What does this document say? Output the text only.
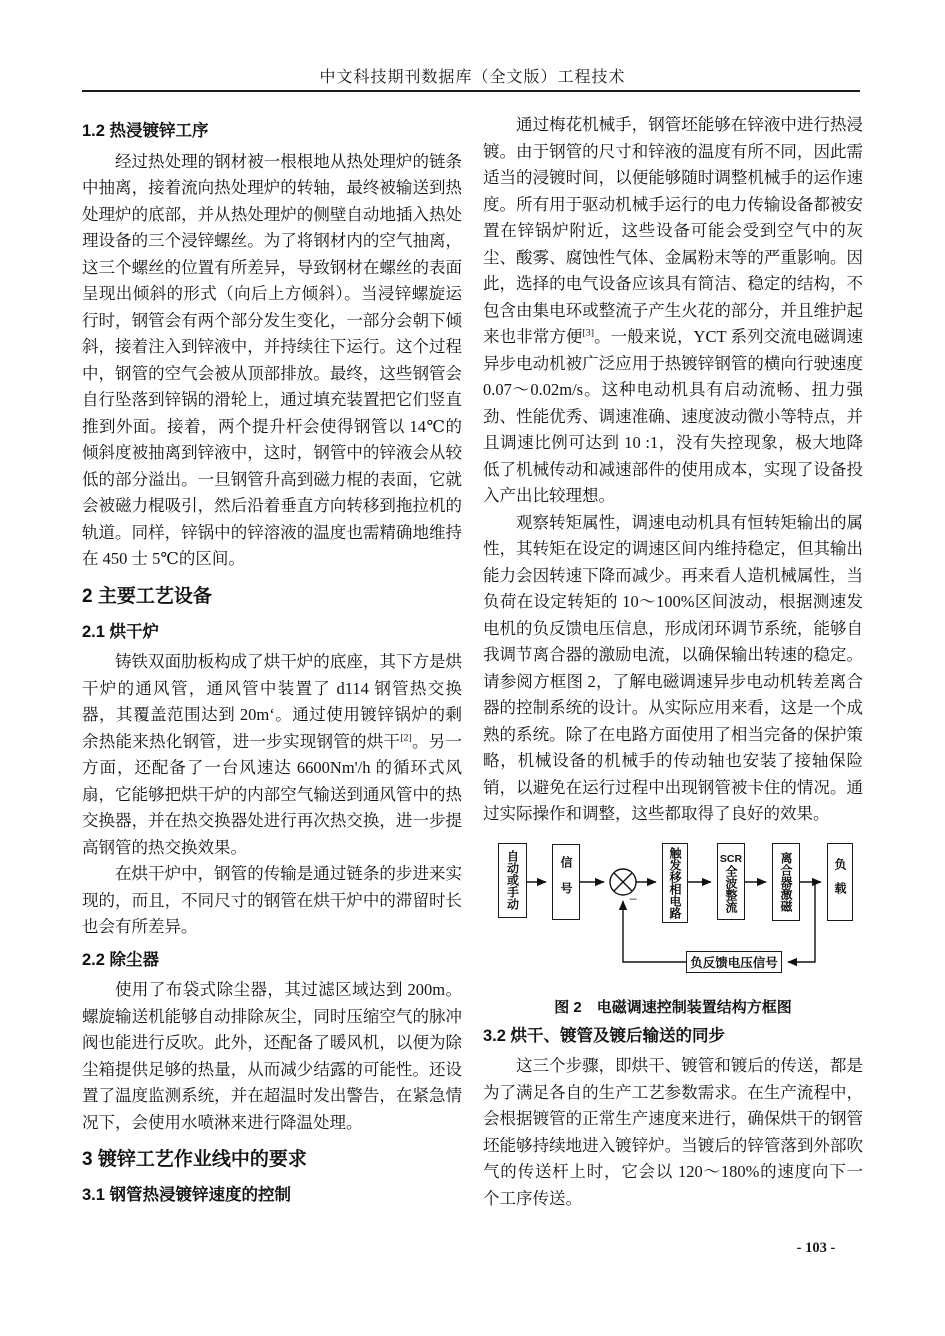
中文科技期刊数据库（全文版）工程技术
1.2 热浸镀锌工序

经过热处理的钢材被一根根地从热处理炉的链条中抽离，接着流向热处理炉的转轴，最终被输送到热处理炉的底部，并从热处理炉的侧壁自动地插入热处理设备的三个浸锌螺丝。为了将钢材内的空气抽离，这三个螺丝的位置有所差异，导致钢材在螺丝的表面呈现出倾斜的形式（向后上方倾斜）。当浸锌螺旋运行时，钢管会有两个部分发生变化，一部分会朝下倾斜，接着注入到锌液中，并持续往下运行。这个过程中，钢管的空气会被从顶部排放。最终，这些钢管会自行坠落到锌锅的滑轮上，通过填充装置把它们竖直推到外面。接着，两个提升杆会使得钢管以 14℃的倾斜度被抽离到锌液中，这时，钢管中的锌液会从较低的部分溢出。一旦钢管升高到磁力棍的表面，它就会被磁力棍吸引，然后沿着垂直方向转移到拖拉机的轨道。同样，锌锅中的锌溶液的温度也需精确地维持在 450 士 5℃的区间。

2 主要工艺设备
2.1 烘干炉

铸铁双面肋板构成了烘干炉的底座，其下方是烘干炉的通风管，通风管中装置了 d114 钢管热交换器，其覆盖范围达到 20m‘。通过使用镀锌锅炉的剩余热能来热化钢管，进一步实现钢管的烘干[2]。另一方面，还配备了一台风速达 6600Nm'/h 的循环式风扇，它能够把烘干炉的内部空气输送到通风管中的热交换器，并在热交换器处进行再次热交换，进一步提高钢管的热交换效果。

在烘干炉中，钢管的传输是通过链条的步进来实现的，而且，不同尺寸的钢管在烘干炉中的滞留时长也会有所差异。

2.2 除尘器

使用了布袋式除尘器，其过滤区域达到 200m。螺旋输送机能够自动排除灰尘，同时压缩空气的脉冲阀也能进行反吹。此外，还配备了暖风机，以便为除尘箱提供足够的热量，从而减少结露的可能性。还设置了温度监测系统，并在超温时发出警告，在紧急情况下，会使用水喷淋来进行降温处理。

3 镀锌工艺作业线中的要求
3.1 钢管热浸镀锌速度的控制

通过梅花机械手，钢管坯能够在锌液中进行热浸镀。由于钢管的尺寸和锌液的温度有所不同，因此需适当的浸镀时间，以便能够随时调整机械手的运作速度。所有用于驱动机械手运行的电力传输设备都被安置在锌锅炉附近，这些设备可能会受到空气中的灰尘、酸雾、腐蚀性气体、金属粉末等的严重影响。因此，选择的电气设备应该具有简洁、稳定的结构，不包含由集电环或整流子产生火花的部分，并且维护起来也非常方便[3]。一般来说，YCT 系列交流电磁调速异步电动机被广泛应用于热镀锌钢管的横向行驶速度 0.07～0.02m/s。这种电动机具有启动流畅、扭力强劲、性能优秀、调速准确、速度波动微小等特点，并且调速比例可达到 10 :1，没有失控现象，极大地降低了机械传动和减速部件的使用成本，实现了设备投入产出比较理想。

观察转矩属性，调速电动机具有恒转矩输出的属性，其转矩在设定的调速区间内维持稳定，但其输出能力会因转速下降而减少。再来看人造机械属性，当负荷在设定转矩的 10～100%区间波动，根据测速发电机的负反馈电压信息，形成闭环调节系统，能够自我调节离合器的激励电流，以确保输出转速的稳定。请参阅方框图 2，了解电磁调速异步电动机转差离合器的控制系统的设计。从实际应用来看，这是一个成熟的系统。除了在电路方面使用了相当完备的保护策略，机械设备的机械手的传动轴也安装了接轴保险销，以避免在运行过程中出现钢管被卡住的情况。通过实际操作和调整，这些都取得了良好的效果。

−
自动或手动	信号	触发移相电路	SCR
全波整流	离合器激磁	负载
负反馈电压信号

图 2　电磁调速控制装置结构方框图

3.2 烘干、镀管及镀后输送的同步

这三个步骤，即烘干、镀管和镀后的传送，都是为了满足各自的生产工艺参数需求。在生产流程中，会根据镀管的正常生产速度来进行，确保烘干的钢管坯能够持续地进入镀锌炉。当镀后的锌管落到外部吹气的传送杆上时，它会以 120～180%的速度向下一个工序传送。

- 103 -
